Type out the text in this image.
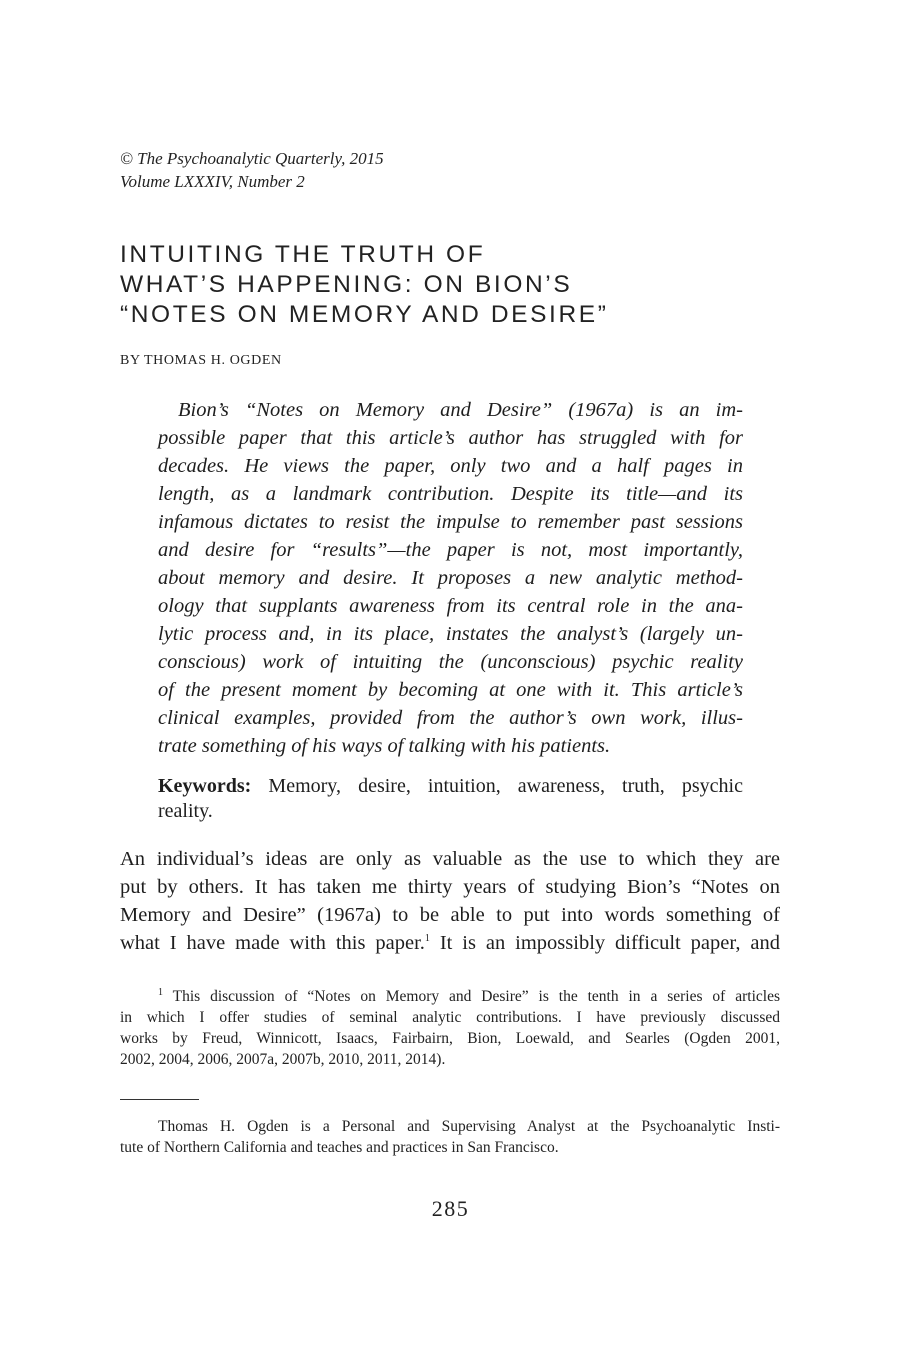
© The Psychoanalytic Quarterly, 2015
Volume LXXXIV, Number 2
INTUITING THE TRUTH OF
WHAT’S HAPPENING: ON BION’S
“NOTES ON MEMORY AND DESIRE”
BY THOMAS H. OGDEN
Bion’s “Notes on Memory and Desire” (1967a) is an im-
possible paper that this article’s author has struggled with for
decades. He views the paper, only two and a half pages in
length, as a landmark contribution. Despite its title—and its
infamous dictates to resist the impulse to remember past sessions
and desire for “results”—the paper is not, most importantly,
about memory and desire. It proposes a new analytic method-
ology that supplants awareness from its central role in the ana-
lytic process and, in its place, instates the analyst’s (largely un-
conscious) work of intuiting the (unconscious) psychic reality
of the present moment by becoming at one with it. This article’s
clinical examples, provided from the author’s own work, illus-
trate something of his ways of talking with his patients.
Keywords: Memory, desire, intuition, awareness, truth, psychic
reality.
An individual’s ideas are only as valuable as the use to which they are
put by others. It has taken me thirty years of studying Bion’s “Notes on
Memory and Desire” (1967a) to be able to put into words something of
what I have made with this paper.$^1$ It is an impossibly difficult paper, and
$^1$ This discussion of “Notes on Memory and Desire” is the tenth in a series of articles
in which I offer studies of seminal analytic contributions. I have previously discussed
works by Freud, Winnicott, Isaacs, Fairbairn, Bion, Loewald, and Searles (Ogden 2001,
2002, 2004, 2006, 2007a, 2007b, 2010, 2011, 2014).
Thomas H. Ogden is a Personal and Supervising Analyst at the Psychoanalytic Insti-
tute of Northern California and teaches and practices in San Francisco.
285
